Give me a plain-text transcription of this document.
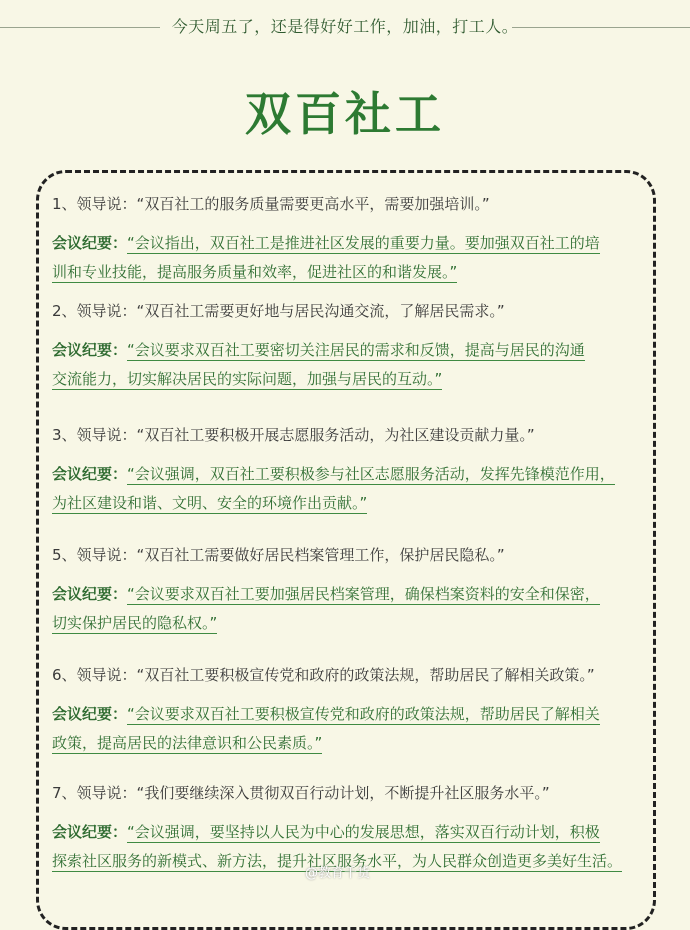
今天周五了，还是得好好工作，加油，打工人。
双百社工
1、领导说：“双百社工的服务质量需要更高水平，需要加强培训。”
会议纪要：“会议指出，双百社工是推进社区发展的重要力量。要加强双百社工的培
训和专业技能，提高服务质量和效率，促进社区的和谐发展。”
2、领导说：“双百社工需要更好地与居民沟通交流，了解居民需求。”
会议纪要：“会议要求双百社工要密切关注居民的需求和反馈，提高与居民的沟通
交流能力，切实解决居民的实际问题，加强与居民的互动。”
3、领导说：“双百社工要积极开展志愿服务活动，为社区建设贡献力量。”
会议纪要：“会议强调，双百社工要积极参与社区志愿服务活动，发挥先锋模范作用，
为社区建设和谐、文明、安全的环境作出贡献。”
5、领导说：“双百社工需要做好居民档案管理工作，保护居民隐私。”
会议纪要：“会议要求双百社工要加强居民档案管理，确保档案资料的安全和保密，
切实保护居民的隐私权。”
6、领导说：“双百社工要积极宣传党和政府的政策法规，帮助居民了解相关政策。”
会议纪要：“会议要求双百社工要积极宣传党和政府的政策法规，帮助居民了解相关
政策，提高居民的法律意识和公民素质。”
7、领导说：“我们要继续深入贯彻双百行动计划，不断提升社区服务水平。”
会议纪要：“会议强调，要坚持以人民为中心的发展思想，落实双百行动计划，积极
探索社区服务的新模式、新方法，提升社区服务水平，为人民群众创造更多美好生活。
@教育千货
